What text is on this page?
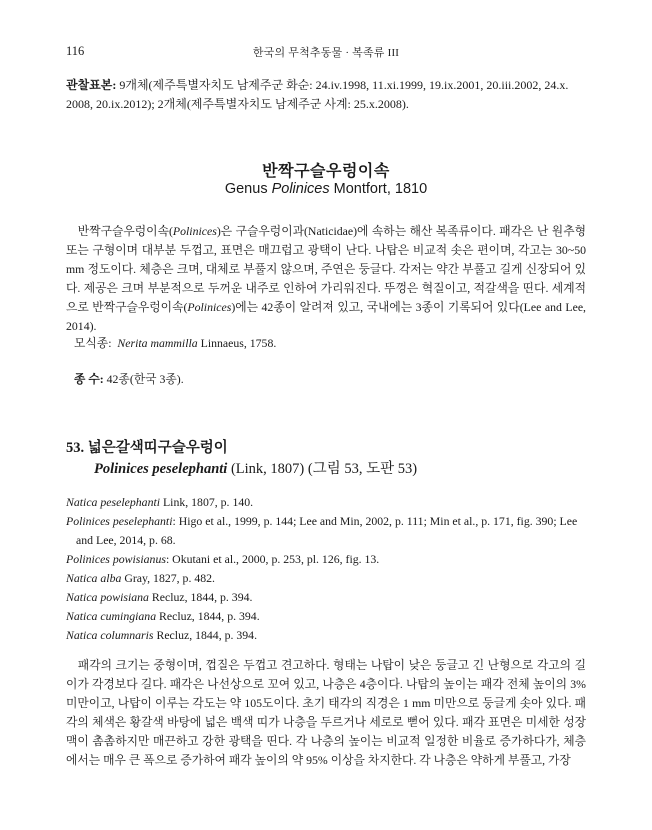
116	한국의 무척추동물 · 복족류 III
관찰표본: 9개체(제주특별자치도 남제주군 화순: 24.iv.1998, 11.xi.1999, 19.ix.2001, 20.iii.2002, 24.x. 2008, 20.ix.2012); 2개체(제주특별자치도 남제주군 사계: 25.x.2008).
반짝구슬우렁이속
Genus Polinices Montfort, 1810
 반짝구슬우렁이속(Polinices)은 구슬우렁이과(Naticidae)에 속하는 해산 복족류이다. 패각은 난 원추형 또는 구형이며 대부분 두껍고, 표면은 매끄럽고 광택이 난다. 나탑은 비교적 솟은 편이며, 각고는 30~50 mm 정도이다. 체층은 크며, 대체로 부풀지 않으며, 주연은 둥글다. 각저는 약간 부풀고 길게 신장되어 있다. 제공은 크며 부분적으로 두꺼운 내주로 인하여 가리워진다. 뚜껑은 혁질이고, 적갈색을 띤다. 세계적으로 반짝구슬우렁이속(Polinices)에는 42종이 알려져 있고, 국내에는 3종이 기록되어 있다(Lee and Lee, 2014).
모식종:  Nerita mammilla Linnaeus, 1758.
종 수: 42종(한국 3종).
53. 넓은갈색띠구슬우렁이
Polinices peselephanti (Link, 1807) (그림 53, 도판 53)
Natica peselephanti Link, 1807, p. 140.
Polinices peselephanti: Higo et al., 1999, p. 144; Lee and Min, 2002, p. 111; Min et al., p. 171, fig. 390; Lee and Lee, 2014, p. 68.
Polinices powisianus: Okutani et al., 2000, p. 253, pl. 126, fig. 13.
Natica alba Gray, 1827, p. 482.
Natica powisiana Recluz, 1844, p. 394.
Natica cumingiana Recluz, 1844, p. 394.
Natica columnaris Recluz, 1844, p. 394.
 패각의 크기는 중형이며, 껍질은 두껍고 견고하다. 형태는 나탑이 낮은 둥글고 긴 난형으로 각고의 길이가 각경보다 길다. 패각은 나선상으로 꼬여 있고, 나층은 4층이다. 나탑의 높이는 패각 전체 높이의 3% 미만이고, 나탑이 이루는 각도는 약 105도이다. 초기 태각의 직경은 1 mm 미만으로 둥글게 솟아 있다. 패각의 체색은 황갈색 바탕에 넓은 백색 띠가 나층을 두르거나 세로로 뻗어 있다. 패각 표면은 미세한 성장맥이 촘촘하지만 매끈하고 강한 광택을 띤다. 각 나층의 높이는 비교적 일정한 비율로 증가하다가, 체층에서는 매우 큰 폭으로 증가하여 패각 높이의 약 95% 이상을 차지한다. 각 나층은 약하게 부풀고, 가장
